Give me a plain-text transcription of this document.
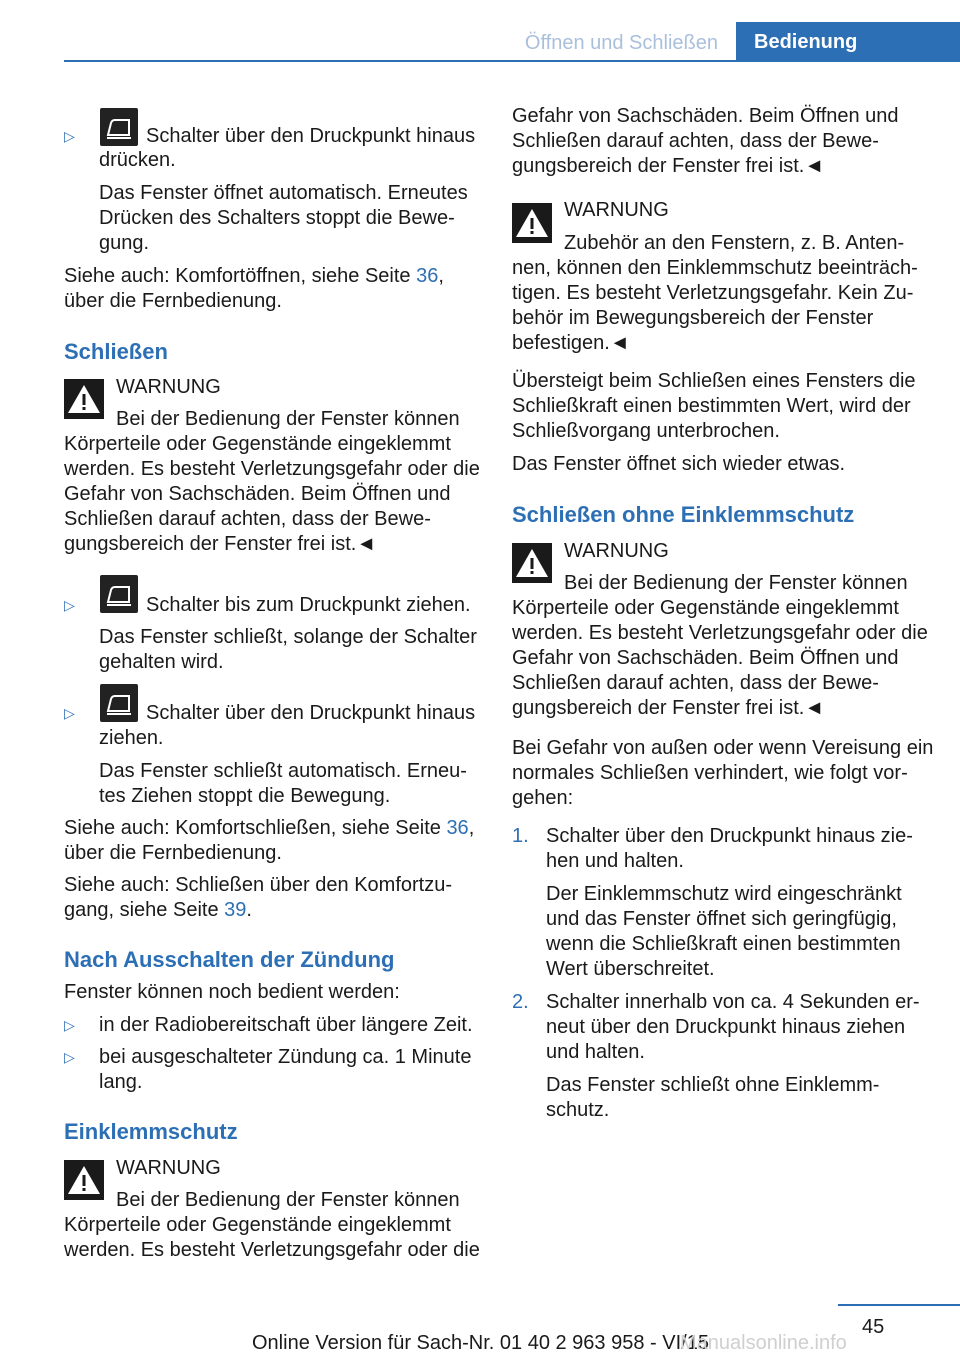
Öffnen und Schließen	Bedienung
▷	Schalter über den Druckpunkt hinaus
drücken.
Das Fenster öffnet automatisch. Erneutes
Drücken des Schalters stoppt die Bewe-
gung.
Siehe auch: Komfortöffnen, siehe Seite 36,
über die Fernbedienung.
Schließen
WARNUNG
Bei der Bedienung der Fenster können
Körperteile oder Gegenstände eingeklemmt
werden. Es besteht Verletzungsgefahr oder die
Gefahr von Sachschäden. Beim Öffnen und
Schließen darauf achten, dass der Bewe-
gungsbereich der Fenster frei ist.◄
▷	Schalter bis zum Druckpunkt ziehen.
Das Fenster schließt, solange der Schalter
gehalten wird.
▷	Schalter über den Druckpunkt hinaus
ziehen.
Das Fenster schließt automatisch. Erneu-
tes Ziehen stoppt die Bewegung.
Siehe auch: Komfortschließen, siehe Seite 36,
über die Fernbedienung.
Siehe auch: Schließen über den Komfortzu-
gang, siehe Seite 39.
Nach Ausschalten der Zündung
Fenster können noch bedient werden:
▷ in der Radiobereitschaft über längere Zeit.
▷ bei ausgeschalteter Zündung ca. 1 Minute
lang.
Einklemmschutz
WARNUNG
Bei der Bedienung der Fenster können
Körperteile oder Gegenstände eingeklemmt
werden. Es besteht Verletzungsgefahr oder die
Gefahr von Sachschäden. Beim Öffnen und
Schließen darauf achten, dass der Bewe-
gungsbereich der Fenster frei ist.◄
WARNUNG
Zubehör an den Fenstern, z. B. Anten-
nen, können den Einklemmschutz beeinträch-
tigen. Es besteht Verletzungsgefahr. Kein Zu-
behör im Bewegungsbereich der Fenster
befestigen.◄
Übersteigt beim Schließen eines Fensters die
Schließkraft einen bestimmten Wert, wird der
Schließvorgang unterbrochen.
Das Fenster öffnet sich wieder etwas.
Schließen ohne Einklemmschutz
WARNUNG
Bei der Bedienung der Fenster können
Körperteile oder Gegenstände eingeklemmt
werden. Es besteht Verletzungsgefahr oder die
Gefahr von Sachschäden. Beim Öffnen und
Schließen darauf achten, dass der Bewe-
gungsbereich der Fenster frei ist.◄
Bei Gefahr von außen oder wenn Vereisung ein
normales Schließen verhindert, wie folgt vor-
gehen:
1. Schalter über den Druckpunkt hinaus zie-
hen und halten.
Der Einklemmschutz wird eingeschränkt
und das Fenster öffnet sich geringfügig,
wenn die Schließkraft einen bestimmten
Wert überschreitet.
2. Schalter innerhalb von ca. 4 Sekunden er-
neut über den Druckpunkt hinaus ziehen
und halten.
Das Fenster schließt ohne Einklemm-
schutz.
45
Online Version für Sach-Nr. 01 40 2 963 958 - VI/15
Manualsonline.info
